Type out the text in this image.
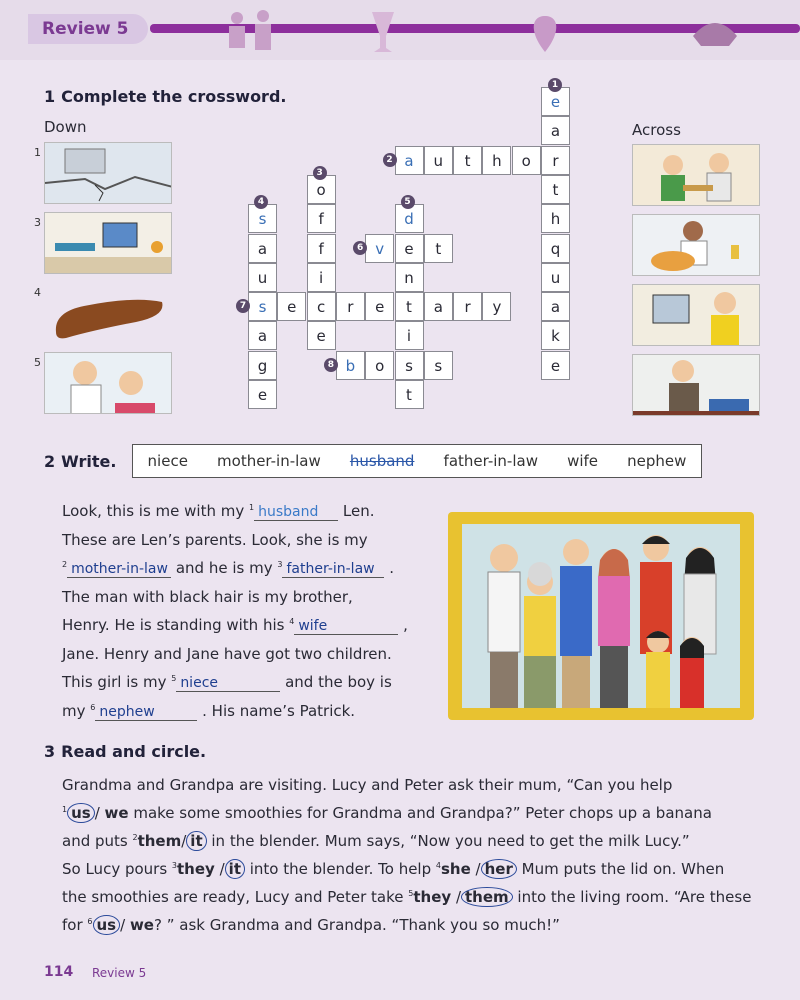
Review 5
1 Complete the crossword.
Down	Across
1
3
4
5
e
a
r
t
h
q
u
a
k
e
a	u	t	h	o
o
f
f
i
c
e
s
a
u
s
a
g
e
d
e
n
t
i
s
t
v	t
e	r	e	a	r	y
b	o	s
1
2
3
4	5
6
7
8
2 Write. niece mother-in-law husband father-in-law wife nephew
Look, this is me with my $^1$ husband Len.
These are Len’s parents. Look, she is my
$^2$ mother-in-law and he is my $^3$ father-in-law .
The man with black hair is my brother,
Henry. He is standing with his $^4$ wife	,
Jane. Henry and Jane have got two children.
This girl is my $^5$ niece	and the boy is
my $^6$ nephew	. His name’s Patrick.
3 Read and circle.
Grandma and Grandpa are visiting. Lucy and Peter ask their mum, “Can you help
$^1$ us / we make some smoothies for Grandma and Grandpa?” Peter chops up a banana
and puts $^2$them/ it in the blender. Mum says, “Now you need to get the milk Lucy.”
So Lucy pours $^3$they / it into the blender. To help $^4$she / her Mum puts the lid on. When
the smoothies are ready, Lucy and Peter take $^5$they / them into the living room. “Are these
for $^6$ us / we? ” ask Grandma and Grandpa. “Thank you so much!”
114 Review 5
